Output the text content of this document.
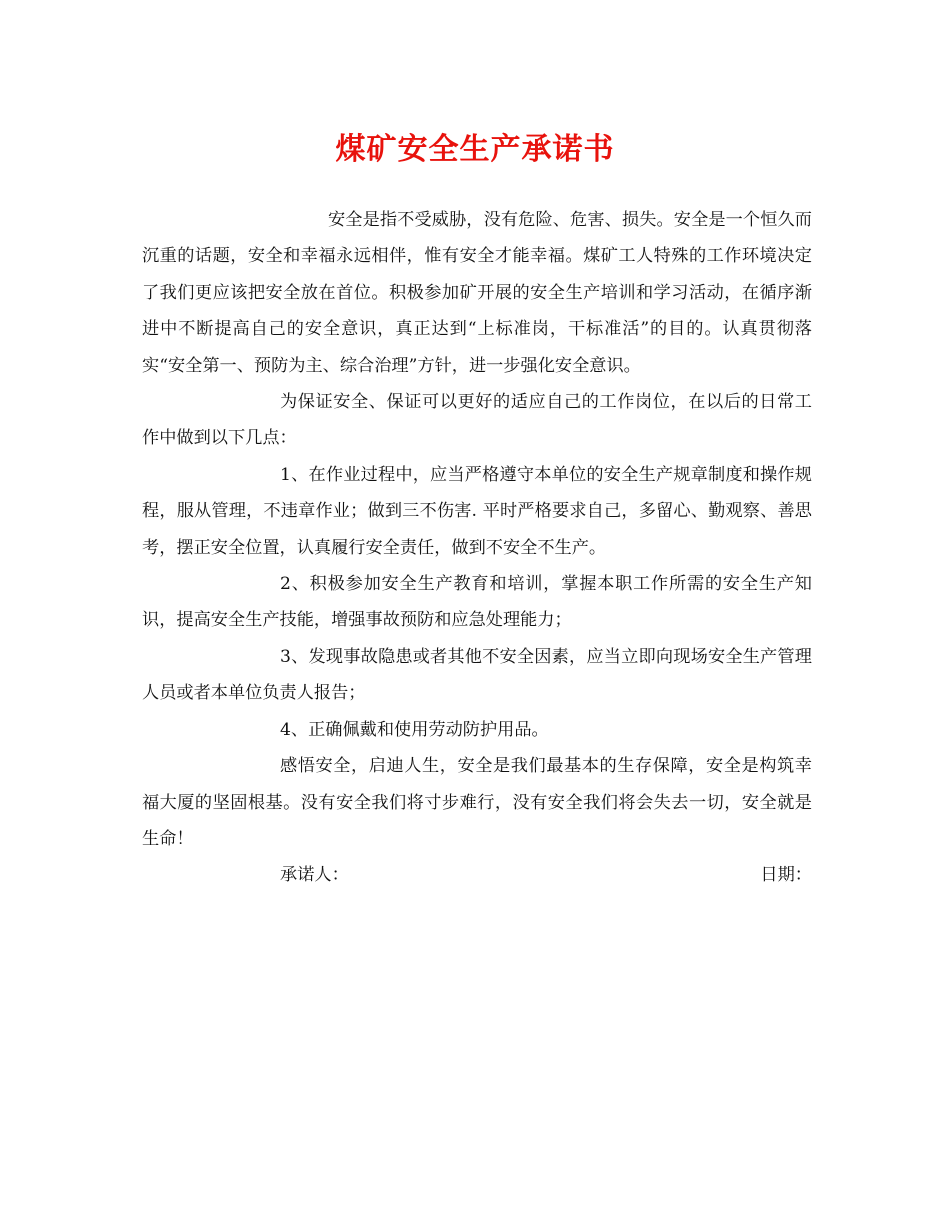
煤矿安全生产承诺书

安全是指不受威胁，没有危险、危害、损失。安全是一个恒久而沉重的话题，安全和幸福永远相伴，惟有安全才能幸福。煤矿工人特殊的工作环境决定了我们更应该把安全放在首位。积极参加矿开展的安全生产培训和学习活动，在循序渐进中不断提高自己的安全意识，真正达到“上标准岗，干标准活”的目的。认真贯彻落实“安全第一、预防为主、综合治理”方针，进一步强化安全意识。

为保证安全、保证可以更好的适应自己的工作岗位，在以后的日常工作中做到以下几点：

1、在作业过程中，应当严格遵守本单位的安全生产规章制度和操作规程，服从管理，不违章作业；做到三不伤害. 平时严格要求自己，多留心、勤观察、善思考，摆正安全位置，认真履行安全责任，做到不安全不生产。

2、积极参加安全生产教育和培训，掌握本职工作所需的安全生产知识，提高安全生产技能，增强事故预防和应急处理能力；

3、发现事故隐患或者其他不安全因素，应当立即向现场安全生产管理人员或者本单位负责人报告；

4、正确佩戴和使用劳动防护用品。

感悟安全，启迪人生，安全是我们最基本的生存保障，安全是构筑幸福大厦的坚固根基。没有安全我们将寸步难行，没有安全我们将会失去一切，安全就是生命！

承诺人：	日期：
